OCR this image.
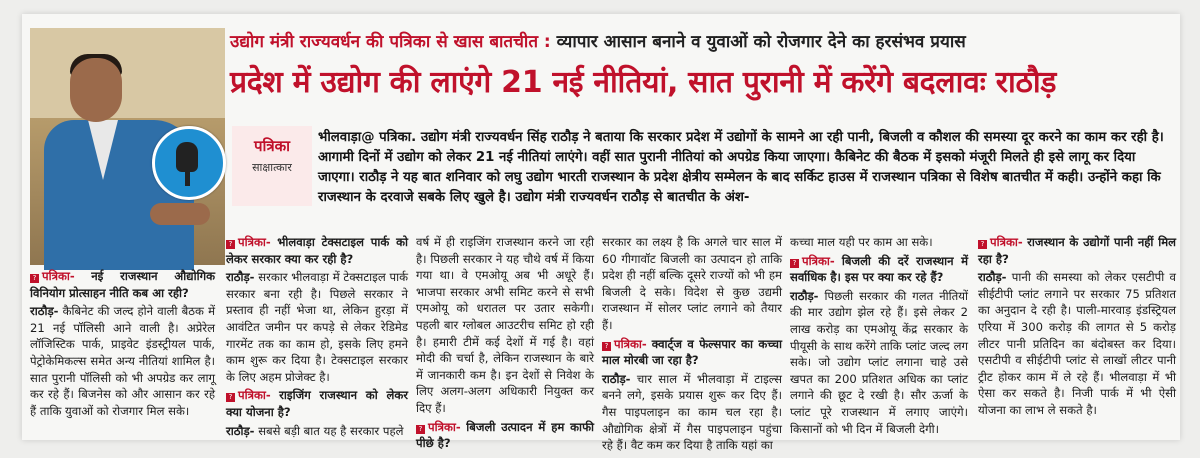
उद्योग मंत्री राज्यवर्धन की पत्रिका से खास बातचीत : व्यापार आसान बनाने व युवाओं को रोजगार देने का हरसंभव प्रयास
प्रदेश में उद्योग की लाएंगे 21 नई नीतियां, सात पुरानी में करेंगे बदलावः राठौड़
पत्रिका
साक्षात्कार
भीलवाड़ा@ पत्रिका. उद्योग मंत्री राज्यवर्धन सिंह राठौड़ ने बताया कि सरकार प्रदेश में उद्योगों के सामने आ रही पानी, बिजली व कौशल की समस्या दूर करने का काम कर रही है। आगामी दिनों में उद्योग को लेकर 21 नई नीतियां लाएंगे। वहीं सात पुरानी नीतियां को अपग्रेड किया जाएगा। कैबिनेट की बैठक में इसको मंजूरी मिलते ही इसे लागू कर दिया जाएगा। राठौड़ ने यह बात शनिवार को लघु उद्योग भारती राजस्थान के प्रदेश क्षेत्रीय सम्मेलन के बाद सर्किट हाउस में राजस्थान पत्रिका से विशेष बातचीत में कही। उन्होंने कहा कि राजस्थान के दरवाजे सबके लिए खुले है। उद्योग मंत्री राज्यवर्धन राठौड़ से बातचीत के अंश-
? पत्रिका- नई राजस्थान औद्योगिक विनियोग प्रोत्साहन नीति कब आ रही?
राठौड़- कैबिनेट की जल्द होने वाली बैठक में 21 नई पॉलिसी आने वाली है। अप्रेरेल लॉजिस्टिक पार्क, प्राइवेट इंडस्ट्रीयल पार्क, पेट्रोकेमिकल्स समेत अन्य नीतियां शामिल है। सात पुरानी पॉलिसी को भी अपग्रेड कर लागू कर रहे हैं। बिजनेस को और आसान कर रहे हैं ताकि युवाओं को रोजगार मिल सके।
? पत्रिका- भीलवाड़ा टेक्सटाइल पार्क को लेकर सरकार क्या कर रही है?
राठौड़- सरकार भीलवाड़ा में टेक्सटाइल पार्क सरकार बना रही है। पिछले सरकार ने प्रस्ताव ही नहीं भेजा था, लेकिन हुरड़ा में आवंटित जमीन पर कपड़े से लेकर रेडिमेड गारमेंट तक का काम हो, इसके लिए हमने काम शुरू कर दिया है। टेक्सटाइल सरकार के लिए अहम प्रोजेक्ट है।
? पत्रिका- राइजिंग राजस्थान को लेकर क्या योजना है?
राठौड़- सबसे बड़ी बात यह है सरकार पहले
वर्ष में ही राइजिंग राजस्थान करने जा रही है। पिछली सरकार ने यह चौथे वर्ष में किया गया था। वे एमओयू अब भी अधूरे हैं। भाजपा सरकार अभी समिट करने से सभी एमओयू को धरातल पर उतार सकेगी। पहली बार ग्लोबल आउटरीच समिट हो रही है। हमारी टीमें कई देशों में गई है। वहां मोदी की चर्चा है, लेकिन राजस्थान के बारे में जानकारी कम है। इन देशों से निवेश के लिए अलग-अलग अधिकारी नियुक्त कर दिए हैं।
? पत्रिका- बिजली उत्पादन में हम काफी पीछे है?
सरकार का लक्ष्य है कि अगले चार साल में 60 गीगावॉट बिजली का उत्पादन हो ताकि प्रदेश ही नहीं बल्कि दूसरे राज्यों को भी हम बिजली दे सके। विदेश से कुछ उद्यमी राजस्थान में सोलर प्लांट लगाने को तैयार हैं।
? पत्रिका- क्वार्ट्ज व फेल्सपार का कच्चा माल मोरबी जा रहा है?
राठौड़- चार साल में भीलवाड़ा में टाइल्स बनने लगे, इसके प्रयास शुरू कर दिए हैं। गैस पाइपलाइन का काम चल रहा है। औद्योगिक क्षेत्रों में गैस पाइपलाइन पहुंचा रहे हैं। वैट कम कर दिया है ताकि यहां का
कच्चा माल यही पर काम आ सके।
? पत्रिका- बिजली की दरें राजस्थान में सर्वाधिक है। इस पर क्या कर रहे हैं?
राठौड़- पिछली सरकार की गलत नीतियों की मार उद्योग झेल रहे हैं। इसे लेकर 2 लाख करोड़ का एमओयू केंद्र सरकार के पीयूसी के साथ करेंगे ताकि प्लांट जल्द लग सके। जो उद्योग प्लांट लगाना चाहे उसे खपत का 200 प्रतिशत अधिक का प्लांट लगाने की छूट दे रखी है। सौर ऊर्जा के प्लांट पूरे राजस्थान में लगाए जाएंगे। किसानों को भी दिन में बिजली देगी।
? पत्रिका- राजस्थान के उद्योगों पानी नहीं मिल रहा है?
राठौड़- पानी की समस्या को लेकर एसटीपी व सीईटीपी प्लांट लगाने पर सरकार 75 प्रतिशत का अनुदान दे रही है। पाली-मारवाड़ इंडस्ट्रियल एरिया में 300 करोड़ की लागत से 5 करोड़ लीटर पानी प्रतिदिन का बंदोबस्त कर दिया। एसटीपी व सीईटीपी प्लांट से लाखों लीटर पानी ट्रीट होकर काम में ले रहे हैं। भीलवाड़ा में भी ऐसा कर सकते है। निजी पार्क में भी ऐसी योजना का लाभ ले सकते है।
